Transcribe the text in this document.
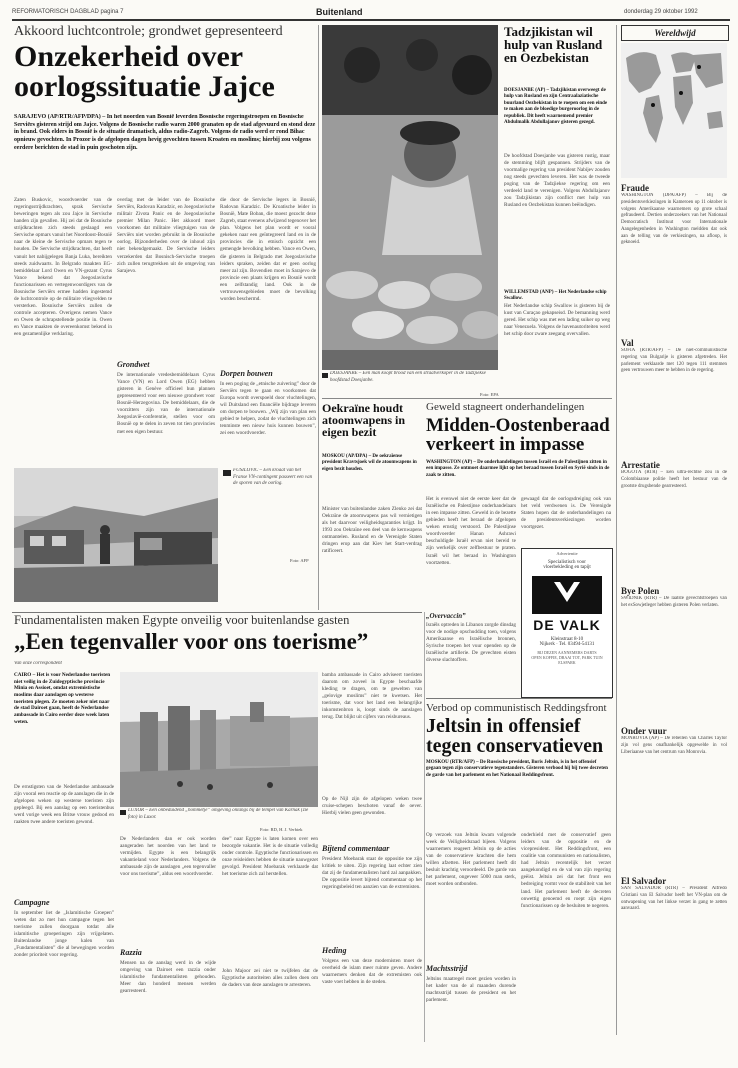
REFORMATORISCH DAGBLAD pagina 7	Buitenland	donderdag 29 oktober 1992
Akkoord luchtcontrole; grondwet gepresenteerd
Onzekerheid over oorlogssituatie Jajce
SARAJEVO (AP/RTR/AFP/DPA) – In het noorden van Bosnië leverden Bosnische regeringstroepen en Bosnische Serviërs gisteren strijd om Jajce. Volgens de Bosnische radio waren 2000 granaten op de stad afgevuurd en stond deze in brand. Ook elders in Bosnië is de situatie dramatisch, aldus radio-Zagreb. Volgens de radio werd er rond Bihac opnieuw gevochten. In Prozor is de afgelopen dagen hevig gevochten tussen Kroaten en moslims; hierbij zou volgens eerdere berichten de stad in puin geschoten zijn.
Zaten Buskovic, woordvoerder van de regeringsstrijdkrachten, sprak Servische beweringen tegen als zou Jajce in Servische handen zijn gevallen. Hij zei dat de Bosnische strijdkrachten zich steeds geslaagd een Servische opmars vanuit het Noordoost-Bosnië naar de kleine de Servische opmars tegen te houden. De Servische strijdkrachten, dat heeft vanuit het nabijgelegen Banja Luka, bereikten steeds zuidwaarts. In Belgrado maakten EG-bemiddelaar Lord Owen en VN-gezant Cyrus Vance bekend dat Joegoslavische functionarissen en vertegenwoordigers van de Bosnische Serviërs ermee hadden ingestemd de luchtcontrole op de militaire vliegvelden te versterken. Bosnische Serviërs zullen de controle accepteren. Overigens nemen Vance en Owen de schrapstellende positie in. Owen en Vance maakten de overeenkomst bekend in een gezamenlijke verklaring.
overlag met de leider van de Bosnische Serviërs, Radovan Karadzic, en Joegoslavische militair Zivota Panic en de Joegoslavische premier Milan Panic. Het akkoord moet voorkomen dat militaire vliegtuigen van de Serviërs niet worden gebruikt in de Bosnische oorlog. Bijzonderheden over de inhoud zijn niet bekendgemaakt. De Servische leiders verzekerden dat Bosnisch-Servische troepen zich zullen terugtrekken uit de omgeving van Sarajevo.
Grondwet
De internationale vredesbemiddelaars Cyrus Vance (VN) en Lord Owen (EG) hebben gisteren in Genève officieel hun plannen gepresenteerd voor een nieuwe grondwet voor Bosnië-Herzegovina. De bemiddelaars, die de voorzitters zijn van de internationale Joegoslavië-conferentie, stellen voor om Bosnië op te delen in zeven tot tien provincies met een eigen bestuur.
die door de Servische legers in Bosnië, Radovan Karadzic. De Kroatische leider in Bosnië, Mate Boban, die moest gezocht deze Zagreb, staat evenens afwijzend tegenover het plan. Volgens het plan wordt er vooral gekeken naar een geïntegreerd land en in de provincies die in etnisch opzicht een gemengde bevolking hebben. Vance en Owen, die gisteren in Belgrado met Joegoslavische leiders spraken, zeiden dat er geen oorlog meer zal zijn. Bovendien moet in Sarajevo de provincie een plaats krijgen en Bosnië wordt een zelfstandig land. Ook in de vertrouwensgebieden moet de bevolking worden beschermd.
Dorpen bouwen
In een poging de „etnische zuivering” door de Serviërs tegen te gaan en voorkomen dat Europa wordt overspoeld door vluchtelingen, wil Duitsland een financiële bijdrage leveren om dorpen te bouwen. „Wij zijn van plan een gebied te helpen, zodat de vluchtelingen zich tenminste een nieuw huis kunnen bouwen”, zei een woordvoerder.
FUSILOVIC – Een kroaat van het Franse VN-contingent passeert een van de sporen van de oorlog.
Foto: AFP
DOESJANBE – Een man koopt brood van een straatverkoper in de Tadzjiekse hoofdstad Doesjanbe.
Foto: EPA
Tadzjikistan wil hulp van Rusland en Oezbekistan
DOESJANBE (AP) – Tadzjikistan overweegt de hulp van Rusland en zijn Centraalaziatische buurland Oezbekistan in te roepen om een einde te maken aan de bloedige burgeroorlog in de republiek. Dit heeft waarnemend premier Abdulmalik Abdullajanov gisteren gezegd.
De hoofdstad Doesjanbe was gisteren rustig, maar de stemming blijft gespannen. Strijders van de voormalige regering van president Nabijev zouden nog steeds gevechten leveren. Het was de tweede poging van de Tadzjiekse regering om een verdeeld land te verenigen. Volgens Abdullajanov zou Tadzjikistan zijn conflict met hulp van Rusland en Oezbekistan kunnen beëindigen.
WILLEMSTAD (ANP) – Het Nederlandse schip Swallow.
Het Nederlandse schip Swallow is gisteren bij de kust van Curaçao gekapseisd. De bemanning werd gered. Het schip was met een lading suiker op weg naar Venezuela. Volgens de havenautoriteiten werd het schip door zware zeegang overvallen.
Oekraïne houdt atoomwapens in eigen bezit
MOSKOU (AP/DPA) – De oekraïense president Kravtsjoek wil de atoomwapens in eigen bezit houden.
Minister van buitenlandse zaken Zlenko zei dat Oekraïne de atoomwapens pas wil vernietigen als het daarvoor veiligheidsgaranties krijgt. In 1993 zou Oekraïne een deel van de kernwapens ontmantelen. Rusland en de Verenigde Staten dringen erop aan dat Kiev het Start-verdrag ratificeert.
Geweld stagneert onderhandelingen
Midden-Oostenberaad verkeert in impasse
WASHINGTON (AP) – De onderhandelingen tussen Israël en de Palestijnen zitten in een impasse. Ze ontmoet daarmee lijkt op het beraad tussen Israël en Syrië sinds in de zaak te zitten.
Het is evenwel niet de eerste keer dat de Israëlische en Palestijnse onderhandelaars in een impasse zitten. Geweld in de bezette gebieden heeft het beraad de afgelopen weken ernstig verstoord. De Palestijnse woordvoerder Hanan Ashrawi beschuldigde Israël ervan niet bereid te zijn werkelijk over zelfbestuur te praten. Israël wil het beraad in Washington voortzetten.
gewaagd dat de oorlogsdreiging ook van het veld verdwenen is. De Verenigde Staten hopen dat de onderhandelingen na de presidentsverkiezingen worden voortgezet.
„Overvaccin”
Israëls optreden in Libanon zorgde dinsdag voor de nodige opschudding toen, volgens Amerikaanse en Israëlische bronnen, Syrische troepen het vuur openden op de Israëlische artillerie. De gevechten eisten diverse slachtoffers.
Advertentie
Specialistisch voor
vloerbekleding en tapijt
DE VALK
Kleinstraat 8-10
Nijkerk · Tel. 03494-54131
BIJ DEZEN AANNEMERS DARTS
OPEN KOFFIE, DRAAI TOT, PARK TUIN
ELSPARK
Fundamentalisten maken Egypte onveilig voor buitenlandse gasten
„Een tegenvaller voor ons toerisme”
Van onze correspondent
CAIRO – Het is voor Nederlandse toeristen niet veilig in de Zuidegyptische provincie Minia en Assioet, omdat extremistische moslims daar aanslagen op westerse toeristen plegen. Ze moeten zeker niet naar de stad Dairoet gaan, heeft de Nederlandse ambassade in Cairo eerder deze week laten weten.
De ernstigsten van de Nederlandse ambassade zijn vooral een reactie op de aanslagen die in de afgelopen weken op westerse toeristen zijn gepleegd. Bij een aanslag op een toeristenbus werd vorige week een Britse vrouw gedood en raakten twee andere toeristen gewond.
Campagne
In september liet de „Islamitische Groepen” weten dat zo met hun campagne tegen het toerisme zullen doorgaan totdat alle islamitische groeperingen zijn vrijgelaten. Buitenlandse jonge kalen van „Fundamentalisten” die al bewegingen worden zonder prioriteit voor regering.
LUXOR – Een onbeduidend „hommetje” omgeving onlangs bij de tempel van Karnak (zie foto) in Luxor.
Foto: RD, H. J. Verbiek
De Nederlanders dan er ook worden aangeraden het noorden van het land te vermijden. Egypte is een belangrijk vakantieland voor Nederlanders. Volgens de ambassade zijn de aanslagen „een tegenvaller voor ons toerisme”, aldus een woordvoerder.
Razzia
Mensen na de aanslag werd in de wijde omgeving van Dairoet een razzia onder islamitische fundamentalisten gehouden. Meer dan honderd mensen werden gearresteerd.
dee” naar Egypte is laten komen over een bezorgde vakantie. Het is de situatie volledig onder controle. Egyptische functionarissen en onze reisleiders hebben de situatie nauwgezet gevolgd. President Moebarak verklaarde dat het toerisme zich zal herstellen.
John Majoor zei niet te twijfelen dat de Egyptische autoriteiten alles zullen doen om de daders van deze aanslagen te arresteren.
bamba ambassade in Cairo adviseert toeristen daarom om zoveel in Egypte beschaafde kleding te dragen, om te gewelten van „gelovige moslims” niet te kwetsen. Het toerisme, dat voor het land een belangrijke inkomstenbron is, loopt sinds de aanslagen terug. Dat blijkt uit cijfers van reisbureaus.
Op de Nijl zijn de afgelopen weken twee cruise-schepen beschoten vanaf de oever. Hierbij vielen geen gewonden.
Bijtend commentaar
President Moebarak staat de oppositie toe zijn kritiek te uiten. Zijn regering laat echter zien dat zij de fundamentalisten hard zal aanpakken. De oppositie levert bijtend commentaar op het regeringsbeleid ten aanzien van de extremisten.
Heding
Volgens een van deze modernisten moet de overheid de islam meer ruimte geven. Andere waarnemers denken dat de extremisten ook vaste voet hebben in de steden.
Verbod op communistisch Reddingsfront
Jeltsin in offensief tegen conservatieven
MOSKOU (RTR/AFP) – De Russische president, Boris Jeltsin, is in het offensief gegaan tegen zijn conservatieve tegenstanders. Gisteren verbood hij bij twee decreten de garde van het parlement en het Nationaal Reddingsfront.
Op verzoek van Jeltsin kwam volgende week de Veiligheidsraad bijeen. Volgens waarnemers reageert Jeltsin op de acties van de conservatieve krachten die hem willen afzetten. Het parlement heeft dit besluit krachtig veroordeeld. De garde van het parlement, ongeveer 5000 man sterk, moet worden ontbonden.
Machtsstrijd
Jeltsins maatregel moet gezien worden in het kader van de al maanden durende machtsstrijd tussen de president en het parlement.
onderhield met de conservatief geen leiders van de oppositie en de vicepresident. Het Reddingsfront, een coalitie van communisten en nationalisten, had Jeltsin recentelijk het verzet aangekondigd en de val van zijn regering geëist. Jeltsin zei dat het front een bedreiging vormt voor de stabiliteit van het land. Het parlement heeft de decreten onwettig genoemd en roept zijn eigen functionarissen op de besluiten te negeren.
Wereldwijd
Fraude
WASHINGTON (DPA/AFP) – Bij de presidentsverkiezingen in Kameroen op 11 oktober is volgens Amerikaanse waarnemers op grote schaal gefraudeerd. Dertien onderzoekers van het Nationaal Democratisch Instituut voor Internationale Aangelegenheden in Washington meldden dat ook aan de telling van de verkiezingen, na afloop, is geknoeid.
Val
SOFIA (RTR/AFP) – De niet-communistische regering van Bulgarije is gisteren afgetreden. Het parlement verklaarde met 120 tegen 111 stemmen geen vertrouwen meer te hebben in de regering.
Arrestatie
BOGOTÁ (RTR) – Een ultra-rechtse zou in de Colombiaanse politie heeft het bestuur van de grootste drugsbende gearresteerd.
Bye Polen
SWIDNIK (RTR) – De laatste gevechtstroepen van het exSowjetleger hebben gisteren Polen verlaten.
Onder vuur
MONROVIA (AP) – De rebellen van Charles Taylor zijn vol gens onafhankelijk opgewelde in vol Liberiaanse van het centrum van Monrovia.
El Salvador
SAN SALVADOR (RTR) – President Alfredo Cristiani van El Salvador heeft het VN-plan om de ontwapening van het linkse verzet in gang te zetten aanvaard.
